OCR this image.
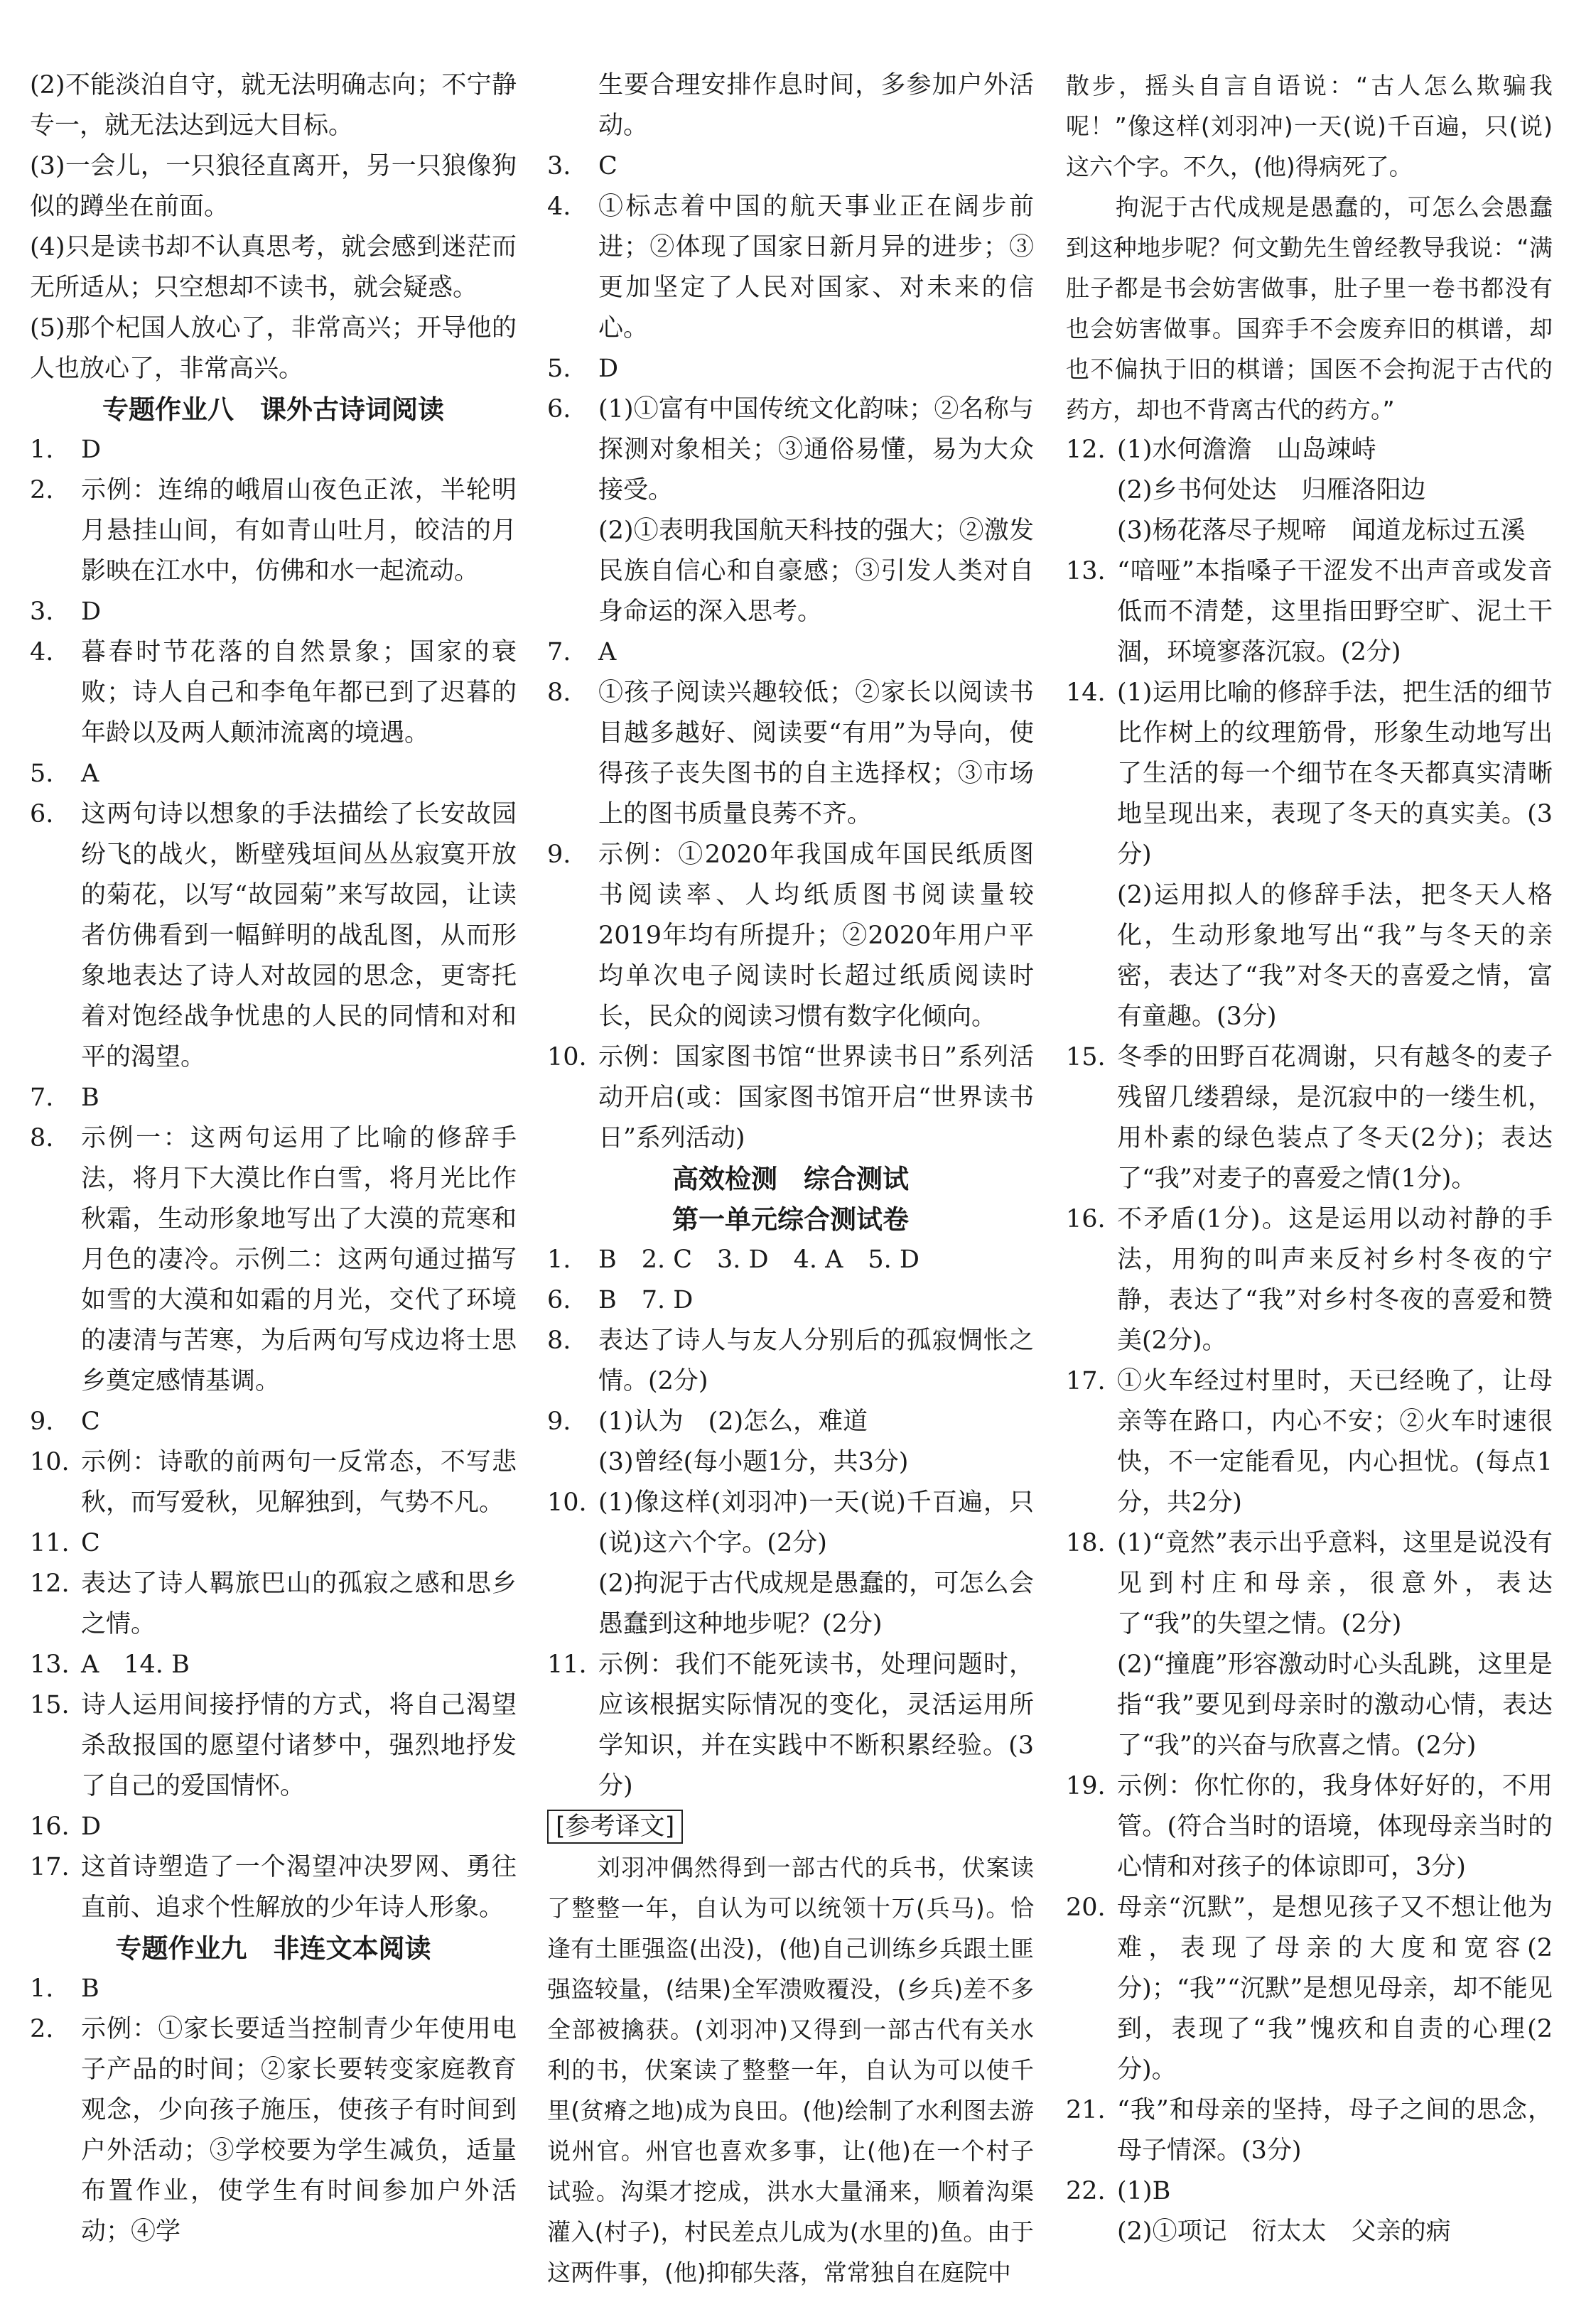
(2)不能淡泊自守，就无法明确志向；不宁静专一，就无法达到远大目标。
(3)一会儿，一只狼径直离开，另一只狼像狗似的蹲坐在前面。
(4)只是读书却不认真思考，就会感到迷茫而无所适从；只空想却不读书，就会疑惑。
(5)那个杞国人放心了，非常高兴；开导他的人也放心了，非常高兴。
专题作业八　课外古诗词阅读
1. D
2. 示例：连绵的峨眉山夜色正浓，半轮明月悬挂山间，有如青山吐月，皎洁的月影映在江水中，仿佛和水一起流动。
3. D
4. 暮春时节花落的自然景象；国家的衰败；诗人自己和李龟年都已到了迟暮的年龄以及两人颠沛流离的境遇。
5. A
6. 这两句诗以想象的手法描绘了长安故园纷飞的战火，断壁残垣间丛丛寂寞开放的菊花，以写“故园菊”来写故园，让读者仿佛看到一幅鲜明的战乱图，从而形象地表达了诗人对故园的思念，更寄托着对饱经战争忧患的人民的同情和对和平的渴望。
7. B
8. 示例一：这两句运用了比喻的修辞手法，将月下大漠比作白雪，将月光比作秋霜，生动形象地写出了大漠的荒寒和月色的凄冷。示例二：这两句通过描写如雪的大漠和如霜的月光，交代了环境的凄清与苦寒，为后两句写戍边将士思乡奠定感情基调。
9. C
10. 示例：诗歌的前两句一反常态，不写悲秋，而写爱秋，见解独到，气势不凡。
11. C
12. 表达了诗人羁旅巴山的孤寂之感和思乡之情。
13. A　14. B
15. 诗人运用间接抒情的方式，将自己渴望杀敌报国的愿望付诸梦中，强烈地抒发了自己的爱国情怀。
16. D
17. 这首诗塑造了一个渴望冲决罗网、勇往直前、追求个性解放的少年诗人形象。
专题作业九　非连文本阅读
1. B
2. 示例：①家长要适当控制青少年使用电子产品的时间；②家长要转变家庭教育观念，少向孩子施压，使孩子有时间到户外活动；③学校要为学生减负，适量布置作业，使学生有时间参加户外活动；④学
生要合理安排作息时间，多参加户外活动。
3. C
4. ①标志着中国的航天事业正在阔步前进；②体现了国家日新月异的进步；③更加坚定了人民对国家、对未来的信心。
5. D
6. (1)①富有中国传统文化韵味；②名称与探测对象相关；③通俗易懂，易为大众接受。
(2)①表明我国航天科技的强大；②激发民族自信心和自豪感；③引发人类对自身命运的深入思考。
7. A
8. ①孩子阅读兴趣较低；②家长以阅读书目越多越好、阅读要“有用”为导向，使得孩子丧失图书的自主选择权；③市场上的图书质量良莠不齐。
9. 示例：①2020年我国成年国民纸质图书阅读率、人均纸质图书阅读量较2019年均有所提升；②2020年用户平均单次电子阅读时长超过纸质阅读时长，民众的阅读习惯有数字化倾向。
10. 示例：国家图书馆“世界读书日”系列活动开启(或：国家图书馆开启“世界读书日”系列活动)
高效检测　综合测试
第一单元综合测试卷
1. B　2. C　3. D　4. A　5. D
6. B　7. D
8. 表达了诗人与友人分别后的孤寂惆怅之情。(2分)
9. (1)认为　(2)怎么，难道
(3)曾经(每小题1分，共3分)
10. (1)像这样(刘羽冲)一天(说)千百遍，只(说)这六个字。(2分)
(2)拘泥于古代成规是愚蠢的，可怎么会愚蠢到这种地步呢？(2分)
11. 示例：我们不能死读书，处理问题时，应该根据实际情况的变化，灵活运用所学知识，并在实践中不断积累经验。(3分)
[参考译文]
刘羽冲偶然得到一部古代的兵书，伏案读了整整一年，自认为可以统领十万(兵马)。恰逢有土匪强盗(出没)，(他)自己训练乡兵跟土匪强盗较量，(结果)全军溃败覆没，(乡兵)差不多全部被擒获。(刘羽冲)又得到一部古代有关水利的书，伏案读了整整一年，自认为可以使千里(贫瘠之地)成为良田。(他)绘制了水利图去游说州官。州官也喜欢多事，让(他)在一个村子试验。沟渠才挖成，洪水大量涌来，顺着沟渠灌入(村子)，村民差点儿成为(水里的)鱼。由于这两件事，(他)抑郁失落，常常独自在庭院中
散步，摇头自言自语说：“古人怎么欺骗我呢！”像这样(刘羽冲)一天(说)千百遍，只(说)这六个字。不久，(他)得病死了。
拘泥于古代成规是愚蠢的，可怎么会愚蠢到这种地步呢？何文勤先生曾经教导我说：“满肚子都是书会妨害做事，肚子里一卷书都没有也会妨害做事。国弈手不会废弃旧的棋谱，却也不偏执于旧的棋谱；国医不会拘泥于古代的药方，却也不背离古代的药方。”
12. (1)水何澹澹　山岛竦峙
(2)乡书何处达　归雁洛阳边
(3)杨花落尽子规啼　闻道龙标过五溪
13. “喑哑”本指嗓子干涩发不出声音或发音低而不清楚，这里指田野空旷、泥土干涸，环境寥落沉寂。(2分)
14. (1)运用比喻的修辞手法，把生活的细节比作树上的纹理筋骨，形象生动地写出了生活的每一个细节在冬天都真实清晰地呈现出来，表现了冬天的真实美。(3分)
(2)运用拟人的修辞手法，把冬天人格化，生动形象地写出“我”与冬天的亲密，表达了“我”对冬天的喜爱之情，富有童趣。(3分)
15. 冬季的田野百花凋谢，只有越冬的麦子残留几缕碧绿，是沉寂中的一缕生机，用朴素的绿色装点了冬天(2分)；表达了“我”对麦子的喜爱之情(1分)。
16. 不矛盾(1分)。这是运用以动衬静的手法，用狗的叫声来反衬乡村冬夜的宁静，表达了“我”对乡村冬夜的喜爱和赞美(2分)。
17. ①火车经过村里时，天已经晚了，让母亲等在路口，内心不安；②火车时速很快，不一定能看见，内心担忧。(每点1分，共2分)
18. (1)“竟然”表示出乎意料，这里是说没有见到村庄和母亲，很意外，表达了“我”的失望之情。(2分)
(2)“撞鹿”形容激动时心头乱跳，这里是指“我”要见到母亲时的激动心情，表达了“我”的兴奋与欣喜之情。(2分)
19. 示例：你忙你的，我身体好好的，不用管。(符合当时的语境，体现母亲当时的心情和对孩子的体谅即可，3分)
20. 母亲“沉默”，是想见孩子又不想让他为难，表现了母亲的大度和宽容(2分)；“我”“沉默”是想见母亲，却不能见到，表现了“我”愧疚和自责的心理(2分)。
21. “我”和母亲的坚持，母子之间的思念，母子情深。(3分)
22. (1)B
(2)①项记　衍太太　父亲的病
